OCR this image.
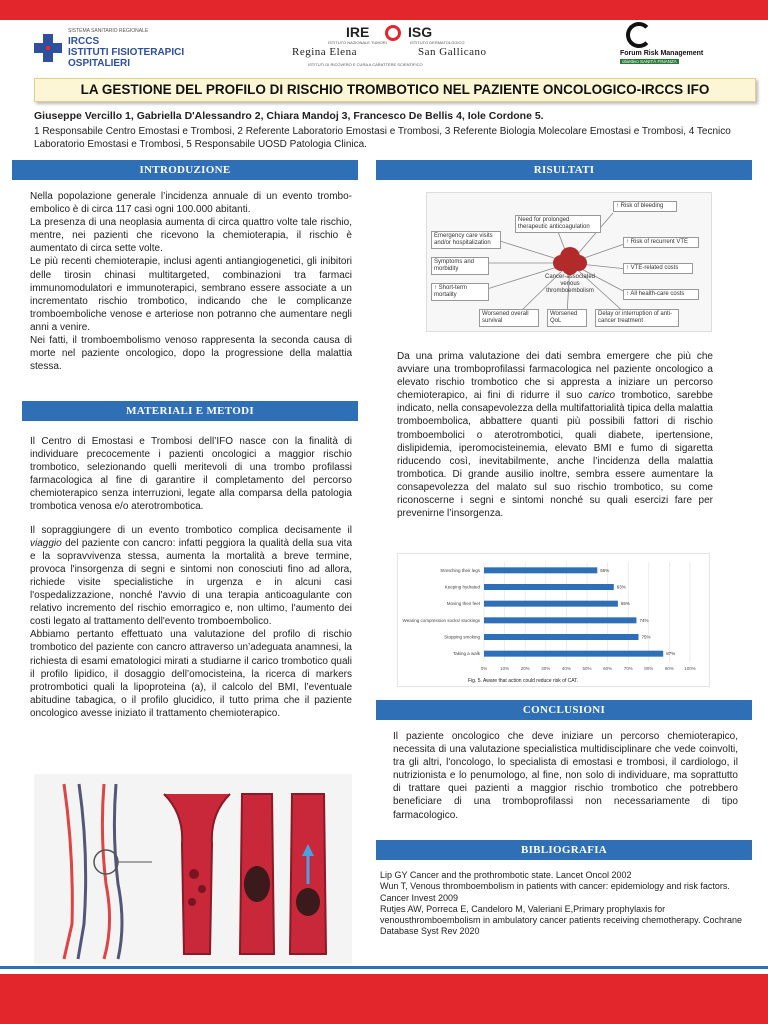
SISTEMA SANITARIO REGIONALE
IRCCS
ISTITUTI FISIOTERAPICI
OSPITALIERI
IRE	ISG
ISTITUTO NAZIONALE TUMORI	ISTITUTO DERMATOLOGICO
Regina Elena	San Gallicano
ISTITUTI DI RICOVERO E CURA A CARATTERE SCIENTIFICO
Forum Risk Management
obiettivo SANITÀ FINANZA
LA GESTIONE DEL PROFILO DI RISCHIO TROMBOTICO NEL PAZIENTE ONCOLOGICO-IRCCS IFO
Giuseppe Vercillo 1, Gabriella D'Alessandro 2, Chiara Mandoj 3, Francesco De Bellis 4, Iole Cordone 5.
1 Responsabile Centro Emostasi e Trombosi, 2 Referente Laboratorio Emostasi e Trombosi, 3 Referente Biologia Molecolare Emostasi e Trombosi, 4 Tecnico Laboratorio Emostasi e Trombosi, 5 Responsabile UOSD Patologia Clinica.
INTRODUZIONE

Nella popolazione generale l’incidenza annuale di un evento trombo-embolico è di circa 117 casi ogni 100.000 abitanti.

La presenza di una neoplasia aumenta di circa quattro volte tale rischio, mentre, nei pazienti che ricevono la chemioterapia, il rischio è aumentato di circa sette volte.

Le più recenti chemioterapie, inclusi agenti antiangiogenetici, gli inibitori delle tirosin chinasi multitargeted, combinazioni tra farmaci immunomodulatori e immunoterapici, sembrano essere associate a un incrementato rischio trombotico, indicando che le complicanze tromboemboliche venose e arteriose non potranno che aumentare negli anni a venire.

Nei fatti, il tromboembolismo venoso rappresenta la seconda causa di morte nel paziente oncologico, dopo la progressione della malattia stessa.

MATERIALI E METODI

Il Centro di Emostasi e Trombosi dell’IFO nasce con la finalità di individuare precocemente i pazienti oncologici a maggior rischio trombotico, selezionando quelli meritevoli di una trombo profilassi farmacologica al fine di garantire il completamento del percorso chemioterapico senza interruzioni, legate alla comparsa della patologia trombotica venosa e/o aterotrombotica.

Il sopraggiungere di un evento trombotico complica decisamente il viaggio del paziente con cancro: infatti peggiora la qualità della sua vita e la sopravvivenza stessa, aumenta la mortalità a breve termine, provoca l'insorgenza di segni e sintomi non conosciuti fino ad allora, richiede visite specialistiche in urgenza e in alcuni casi l'ospedalizzazione, nonché l'avvio di una terapia anticoagulante con relativo incremento del rischio emorragico e, non ultimo, l'aumento dei costi legato al trattamento dell'evento tromboembolico.

Abbiamo pertanto effettuato una valutazione del profilo di rischio trombotico del paziente con cancro attraverso un’adeguata anamnesi, la richiesta di esami ematologici mirati a studiarne il carico trombotico quali il profilo lipidico, il dosaggio dell’omocisteina, la ricerca di markers protrombotici quali la lipoproteina (a), il calcolo del BMI, l’eventuale abitudine tabagica, o il profilo glucidico, il tutto prima che il paziente oncologico avesse iniziato il trattamento chemioterapico.

RISULTATI
Emergency care visits and/or hospitalization
Symptoms and morbidity
↑ Short-term mortality
↑ Risk of bleeding
Need for prolonged therapeutic anticoagulation
↑ Risk of recurrent VTE
↑ VTE-related costs
↑ All health-care costs
Cancer-associated venous thromboembolism
Worsened overall survival
Worsened QoL
Delay or interruption of anti-cancer treatment

Da una prima valutazione dei dati sembra emergere che più che avviare una tromboprofilassi farmacologica nel paziente oncologico a elevato rischio trombotico che si appresta a iniziare un percorso chemioterapico, ai fini di ridurre il suo carico trombotico, sarebbe indicato, nella consapevolezza della multifattorialità tipica della malattia tromboembolica, abbattere quanti più possibili fattori di rischio tromboembolici o aterotrombotici, quali diabete, ipertensione, dislipidemia, iperomocisteinemia, elevato BMI e fumo di sigaretta riducendo così, inevitabilmente, anche l’incidenza della malattia trombotica. Di grande ausilio inoltre, sembra essere aumentare la consapevolezza del malato sul suo rischio trombotico, su come riconoscerne i segni e sintomi nonché su quali esercizi fare per prevenirne l’insorgenza.

0%	10%	20%	30%	40%	50%	60%	70%	80%	90% 100%
Stretching their legs	55%
Keeping hydrated	63%
Moving their feet	65%
Wearing compression socks/ stockings	74%
Stopping smoking	75%
Taking a walk	87%
Fig. 5. Aware that action could reduce risk of CAT.
CONCLUSIONI
Il paziente oncologico che deve iniziare un percorso chemioterapico, necessita di una valutazione specialistica multidisciplinare che vede coinvolti, tra gli altri, l'oncologo, lo specialista di emostasi e trombosi, il cardiologo, il nutrizionista e lo penumologo, al fine, non solo di individuare, ma soprattutto di trattare quei pazienti a maggior rischio trombotico che potrebbero beneficiare di una tromboprofilassi non necessariamente di tipo farmacologico.
BIBLIOGRAFIA
Lip GY Cancer and the prothrombotic state. Lancet Oncol 2002
Wun T, Venous thromboembolism in patients with cancer: epidemiology and risk factors. Cancer Invest 2009
Rutjes AW, Porreca E, Candeloro M, Valeriani E,Primary prophylaxis for venousthromboembolism in ambulatory cancer patients receiving chemotherapy. Cochrane Database Syst Rev 2020
